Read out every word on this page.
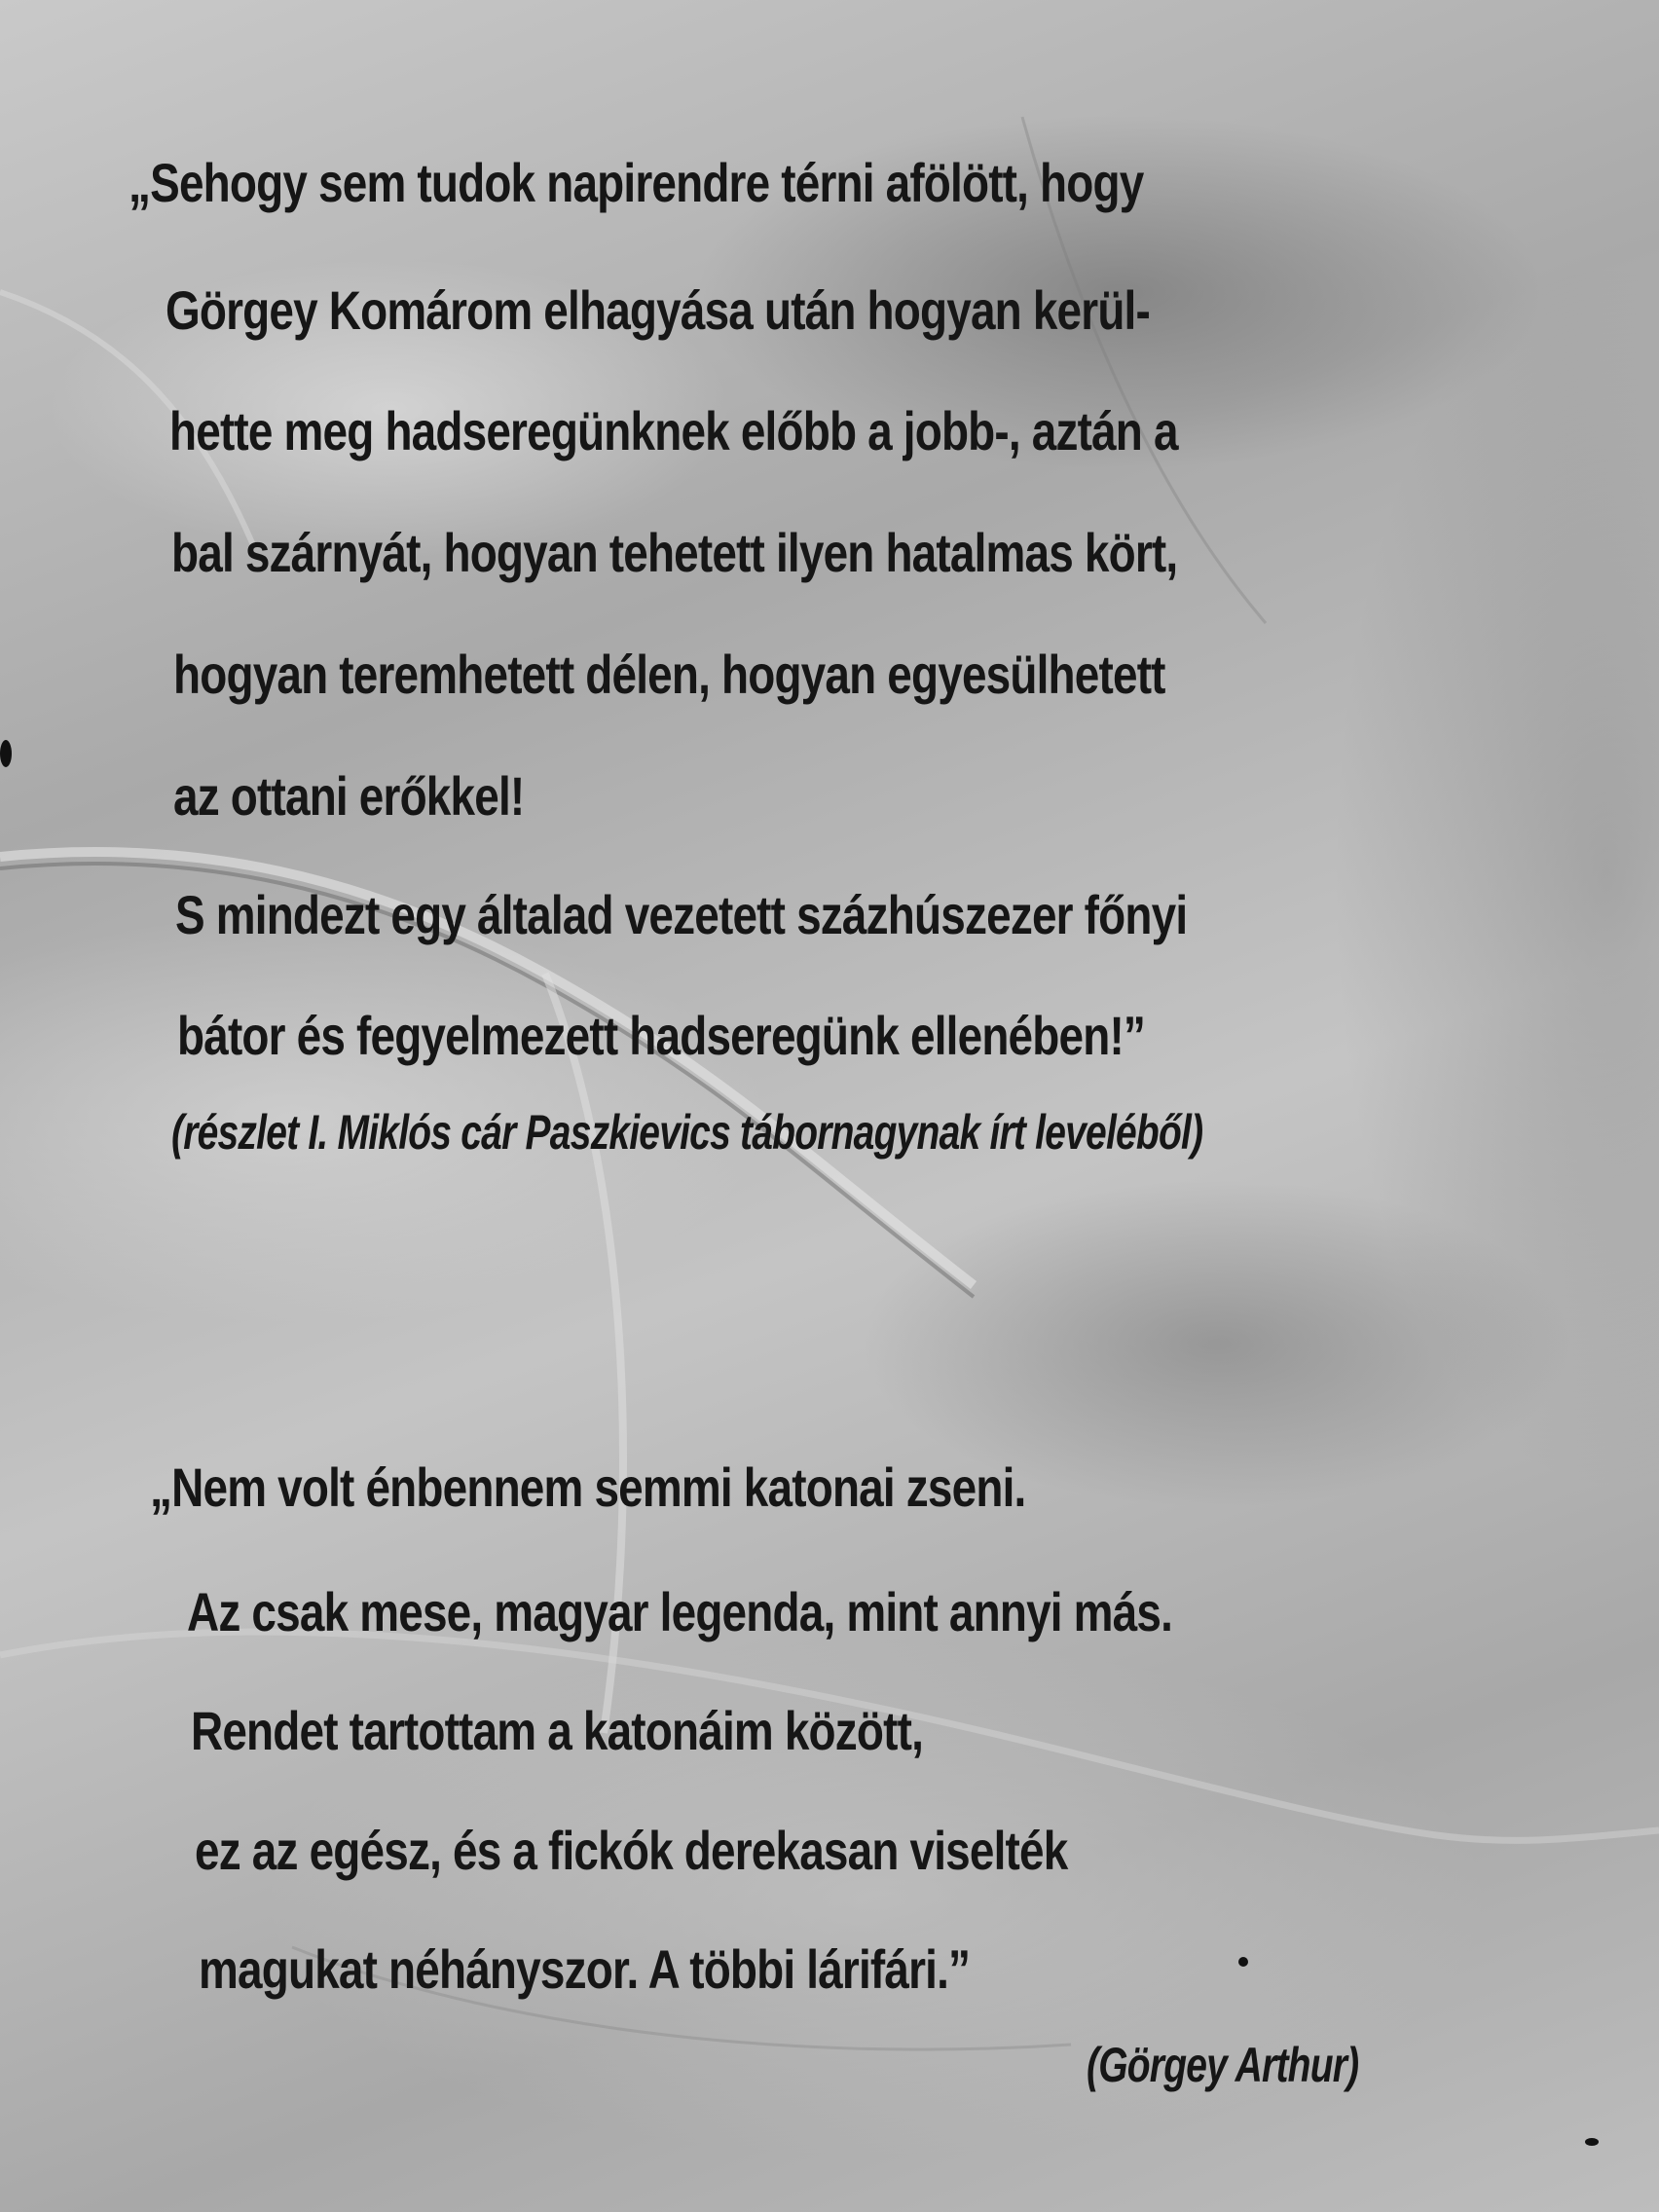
„Sehogy sem tudok napirendre térni afölött, hogy
Görgey Komárom elhagyása után hogyan kerül-
hette meg hadseregünknek előbb a jobb-, aztán a
bal szárnyát, hogyan tehetett ilyen hatalmas kört,
hogyan teremhetett délen, hogyan egyesülhetett
az ottani erőkkel!
S mindezt egy általad vezetett százhúszezer főnyi
bátor és fegyelmezett hadseregünk ellenében!”
(részlet I. Miklós cár Paszkievics tábornagynak írt leveléből)
„Nem volt énbennem semmi katonai zseni.
Az csak mese, magyar legenda, mint annyi más.
Rendet tartottam a katonáim között,
ez az egész, és a fickók derekasan viselték
magukat néhányszor. A többi lárifári.”
(Görgey Arthur)
